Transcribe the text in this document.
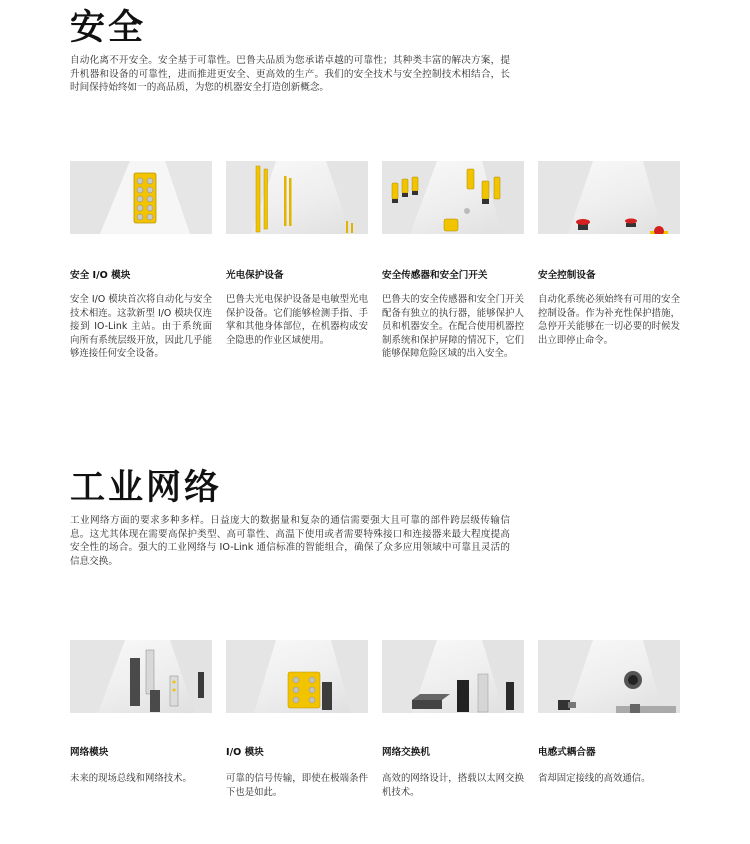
安全

自动化离不开安全。安全基于可靠性。巴鲁夫品质为您承诺卓越的可靠性；其种类丰富的解决方案，提升机器和设备的可靠性，进而推进更安全、更高效的生产。我们的安全技术与安全控制技术相结合，长时间保持始终如一的高品质，为您的机器安全打造创新概念。

安全 I/O 模块
安全 I/O 模块首次将自动化与安全技术相连。这款新型 I/O 模块仅连接到 IO-Link 主站。由于系统面向所有系统层级开放，因此几乎能够连接任何安全设备。
光电保护设备
巴鲁夫光电保护设备是电敏型光电保护设备。它们能够检测手指、手掌和其他身体部位，在机器构成安全隐患的作业区域使用。
安全传感器和安全门开关
巴鲁夫的安全传感器和安全门开关配备有独立的执行器，能够保护人员和机器安全。在配合使用机器控制系统和保护屏障的情况下，它们能够保障危险区域的出入安全。
安全控制设备
自动化系统必须始终有可用的安全控制设备。作为补充性保护措施，急停开关能够在一切必要的时候发出立即停止命令。
工业网络

工业网络方面的要求多种多样。日益庞大的数据量和复杂的通信需要强大且可靠的部件跨层级传输信息。这尤其体现在需要高保护类型、高可靠性、高温下使用或者需要特殊接口和连接器来最大程度提高安全性的场合。强大的工业网络与 IO-Link 通信标准的智能组合，确保了众多应用领域中可靠且灵活的信息交换。

网络模块
未来的现场总线和网络技术。
I/O 模块
可靠的信号传输，即使在极端条件下也是如此。
网络交换机
高效的网络设计，搭载以太网交换机技术。
电感式耦合器
省却固定接线的高效通信。
